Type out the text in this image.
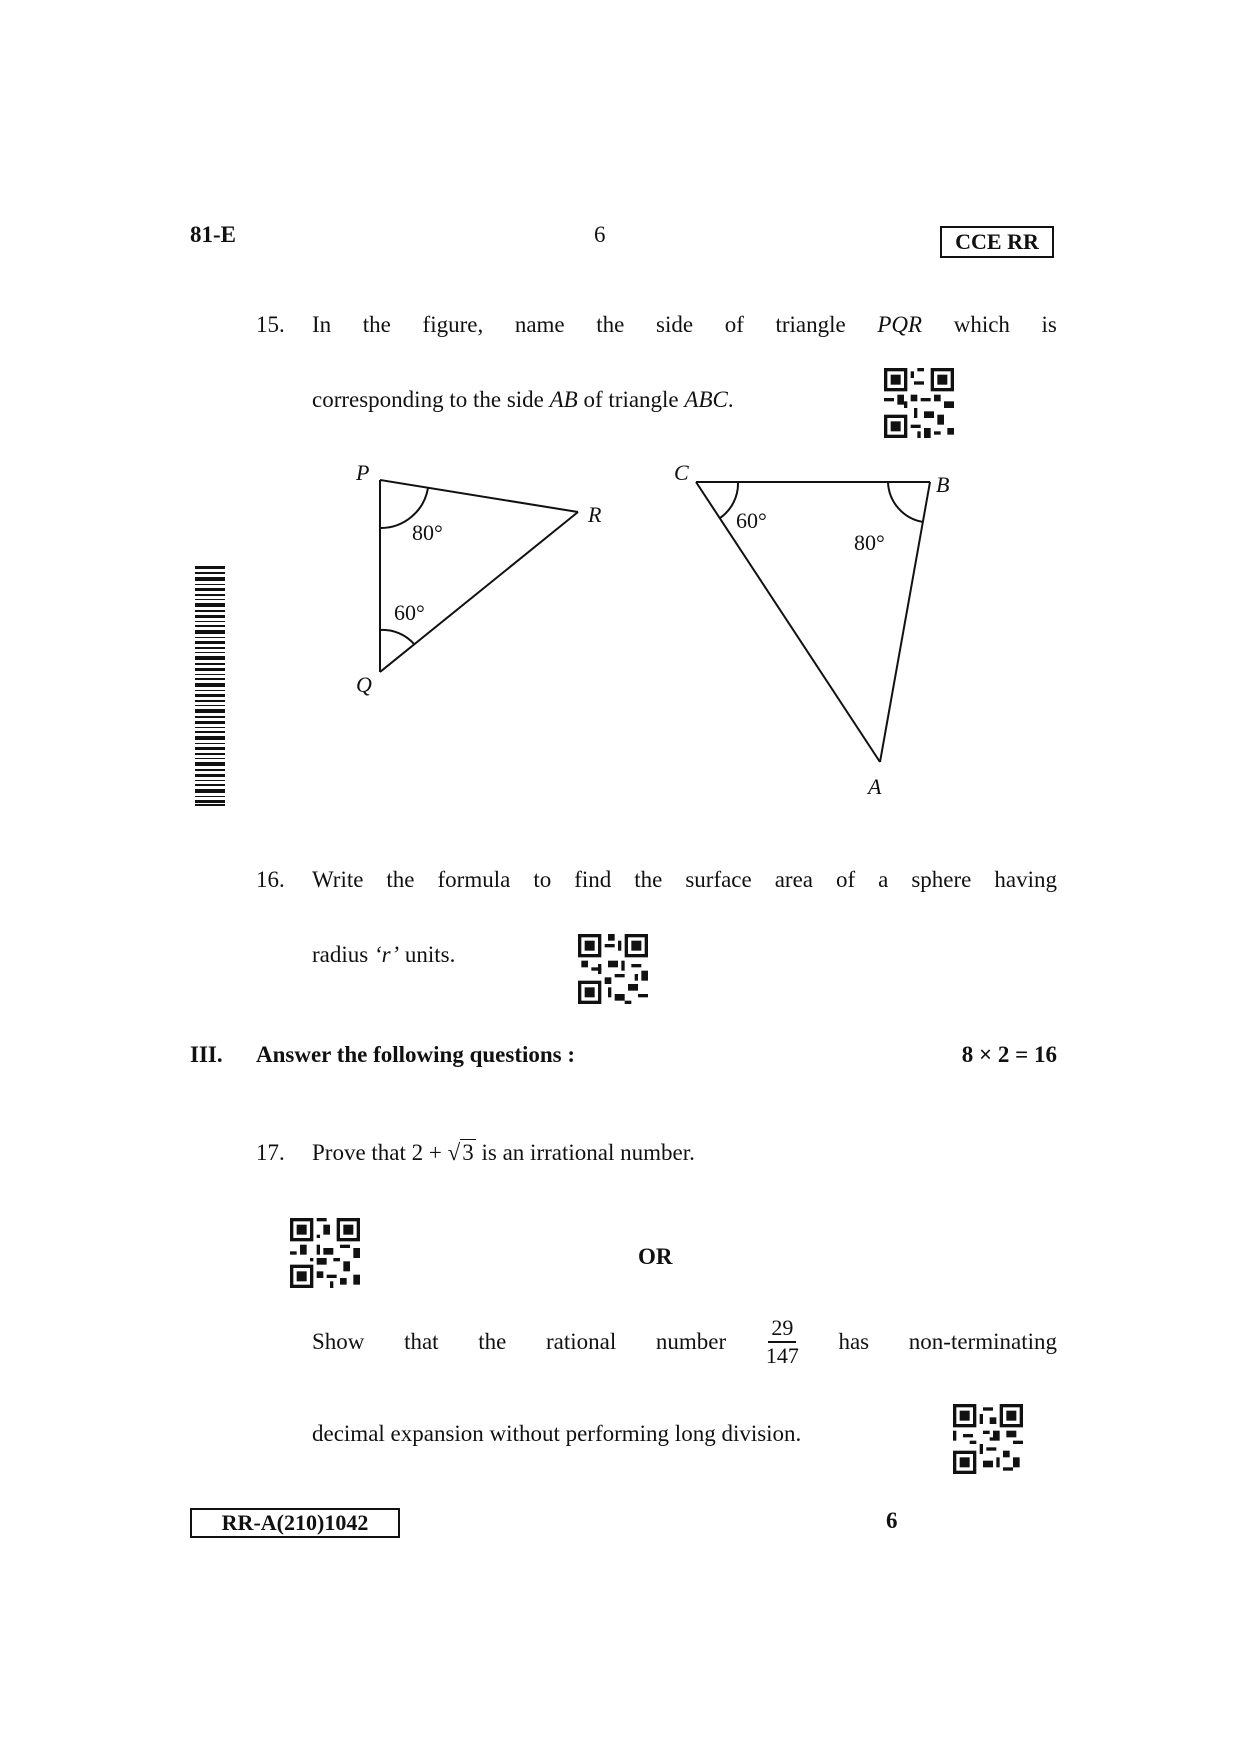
81-E	6	CCE RR
15. In the figure, name the side of triangle PQR which is
corresponding to the side AB of triangle ABC.
P
Q
R
80°
60°
C	B
A
60°
80°
16. Write the formula to find the surface area of a sphere having
radius ‘r’ units.
III. Answer the following questions :	8 × 2 = 16
17. Prove that 2 + √3 is an irrational number.
OR
Show that the rational number $\frac{29}{147}$ has non-terminating
decimal expansion without performing long division.
RR-A(210)1042	6
